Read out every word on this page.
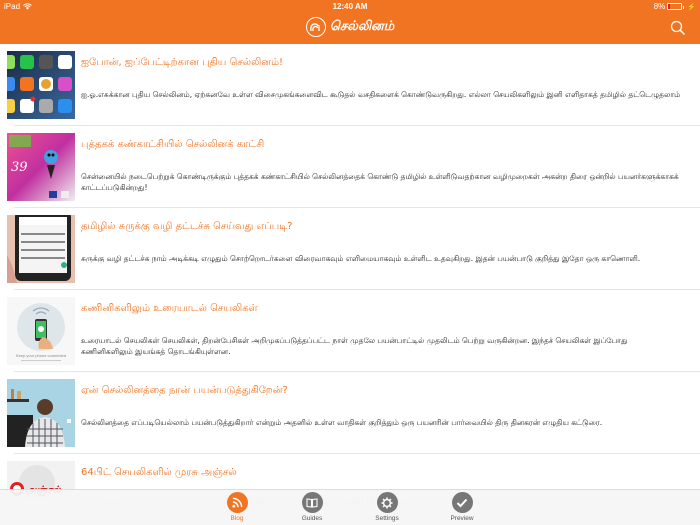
iPad	12:40 AM	8%	⚡
செல்லினம்
ஐபோன், ஐப்பேட்டிற்கான புதிய செல்லினம்!
ஐ.ஓ.எசுக்கான புதிய செல்லினம், ஏற்கனவே உள்ள விசைமுகங்களைவிட கூடுதல் வசதிகளைக் கொண்டுவருகிறது. எல்லா செயலிகளிலும் இனி எளிதாகத் தமிழில் தட்டெழுதலாம்
39
புத்தகக் கண்காட்சியில் செல்லினக் காட்சி
சென்னையில் நடைபெற்றுக் கொண்டிருக்கும் புத்தகக் கண்காட்சியில் செல்லினத்தைக் கொண்டு தமிழில் உள்ளிடுவதற்கான வழிமுறைகள் அகன்ற திரை ஒன்றில் பயனர்களுக்காகக் காட்டப்படுகின்றது!
தமிழில் சுருக்கு வழி தட்டச்சு செய்வது எப்படி?
சுருக்கு வழி தட்டச்சு நாம் அடிக்கடி எழுதும் சொற்றொடர்களை விரைவாகவும் எளிமையாகவும் உள்ளிட உதவுகிறது. இதன் பயன்பாடு குறித்து இதோ ஒரு காணொளி.
Keep your phone connected
கணினிகளிலும் உரையாடல் செயலிகள்
உரையாடல் செயலிகள் செயலிகள், திறன்பேசிகள் அறிமுகப்படுத்தப்பட்ட நாள் முதலே பயன்பாட்டில் முதலிடம் பெற்று வருகின்றன. இந்தச் செயலிகள் இப்போது கணினிகளிலும் இயங்கத் தொடங்கியுள்ளன.
ஏன் செல்லினத்தை நான் பயன்படுத்துகிறேன்?
செல்லினத்தை எப்படியெல்லாம் பயன்படுத்துகிறார் என்றும் அதனில் உள்ள வாதிகள் குறித்தும் ஒரு பயனரின் பார்வையில் திரு தினகரன் எழுதிய கட்டுரை.
64பிட் செயலிகளில் முரசு அஞ்சல்
Blog	Guides	Settings	Preview
